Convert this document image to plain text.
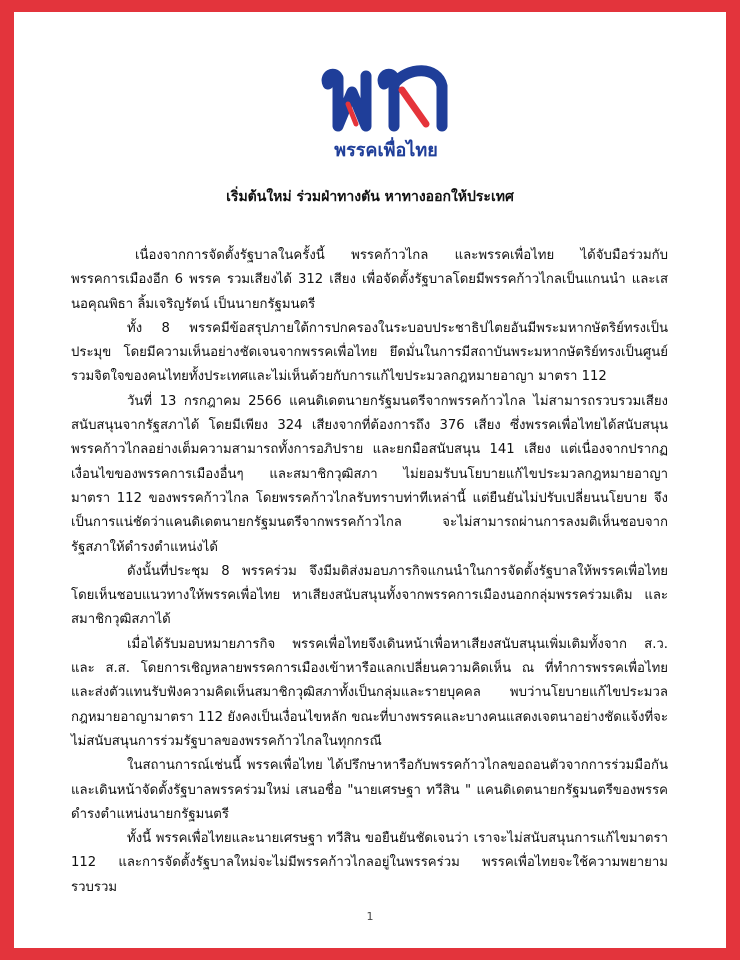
พรรคเพื่อไทย
เริ่มต้นใหม่ ร่วมฝ่าทางตัน หาทางออกให้ประเทศ

เนื่องจากการจัดตั้งรัฐบาลในครั้งนี้ พรรคก้าวไกล และพรรคเพื่อไทย ได้จับมือร่วมกับ พรรคการเมืองอีก 6 พรรค รวมเสียงได้ 312 เสียง เพื่อจัดตั้งรัฐบาลโดยมีพรรคก้าวไกลเป็นแกนนำ และเสนอคุณพิธา ลิ้มเจริญรัตน์ เป็นนายกรัฐมนตรี

ทั้ง 8 พรรคมีข้อสรุปภายใต้การปกครองในระบอบประชาธิปไตยอันมีพระมหากษัตริย์ทรงเป็นประมุข โดยมีความเห็นอย่างชัดเจนจากพรรคเพื่อไทย ยึดมั่นในการมีสถาบันพระมหากษัตริย์ทรงเป็นศูนย์รวมจิตใจของคนไทยทั้งประเทศและไม่เห็นด้วยกับการแก้ไขประมวลกฎหมายอาญา มาตรา 112

วันที่ 13 กรกฎาคม 2566 แคนดิเดตนายกรัฐมนตรีจากพรรคก้าวไกล ไม่สามารถรวบรวมเสียงสนับสนุนจากรัฐสภาได้ โดยมีเพียง 324 เสียงจากที่ต้องการถึง 376 เสียง ซึ่งพรรคเพื่อไทยได้สนับสนุนพรรคก้าวไกลอย่างเต็มความสามารถทั้งการอภิปราย และยกมือสนับสนุน 141 เสียง แต่เนื่องจากปรากฏเงื่อนไขของพรรคการเมืองอื่นๆ และสมาชิกวุฒิสภา ไม่ยอมรับนโยบายแก้ไขประมวลกฎหมายอาญา มาตรา 112 ของพรรคก้าวไกล โดยพรรคก้าวไกลรับทราบท่าทีเหล่านี้ แต่ยืนยันไม่ปรับเปลี่ยนนโยบาย จึงเป็นการแน่ชัดว่าแคนดิเดตนายกรัฐมนตรีจากพรรคก้าวไกล จะไม่สามารถผ่านการลงมติเห็นชอบจากรัฐสภาให้ดำรงตำแหน่งได้

ดังนั้นที่ประชุม 8 พรรคร่วม จึงมีมติส่งมอบภารกิจแกนนำในการจัดตั้งรัฐบาลให้พรรคเพื่อไทย โดยเห็นชอบแนวทางให้พรรคเพื่อไทย หาเสียงสนับสนุนทั้งจากพรรคการเมืองนอกกลุ่มพรรคร่วมเดิม และสมาชิกวุฒิสภาได้

เมื่อได้รับมอบหมายภารกิจ พรรคเพื่อไทยจึงเดินหน้าเพื่อหาเสียงสนับสนุนเพิ่มเติมทั้งจาก ส.ว. และ ส.ส. โดยการเชิญหลายพรรคการเมืองเข้าหารือแลกเปลี่ยนความคิดเห็น ณ ที่ทำการพรรคเพื่อไทย และส่งตัวแทนรับฟังความคิดเห็นสมาชิกวุฒิสภาทั้งเป็นกลุ่มและรายบุคคล พบว่านโยบายแก้ไขประมวลกฎหมายอาญามาตรา 112 ยังคงเป็นเงื่อนไขหลัก ขณะที่บางพรรคและบางคนแสดงเจตนาอย่างชัดแจ้งที่จะไม่สนับสนุนการร่วมรัฐบาลของพรรคก้าวไกลในทุกกรณี

ในสถานการณ์เช่นนี้ พรรคเพื่อไทย ได้ปรึกษาหารือกับพรรคก้าวไกลขอถอนตัวจากการร่วมมือกันและเดินหน้าจัดตั้งรัฐบาลพรรคร่วมใหม่ เสนอชื่อ "นายเศรษฐา ทวีสิน " แคนดิเดตนายกรัฐมนตรีของพรรค ดำรงตำแหน่งนายกรัฐมนตรี

ทั้งนี้ พรรคเพื่อไทยและนายเศรษฐา ทวีสิน ขอยืนยันชัดเจนว่า เราจะไม่สนับสนุนการแก้ไขมาตรา 112 และการจัดตั้งรัฐบาลใหม่จะไม่มีพรรคก้าวไกลอยู่ในพรรคร่วม พรรคเพื่อไทยจะใช้ความพยายามรวบรวม

1
